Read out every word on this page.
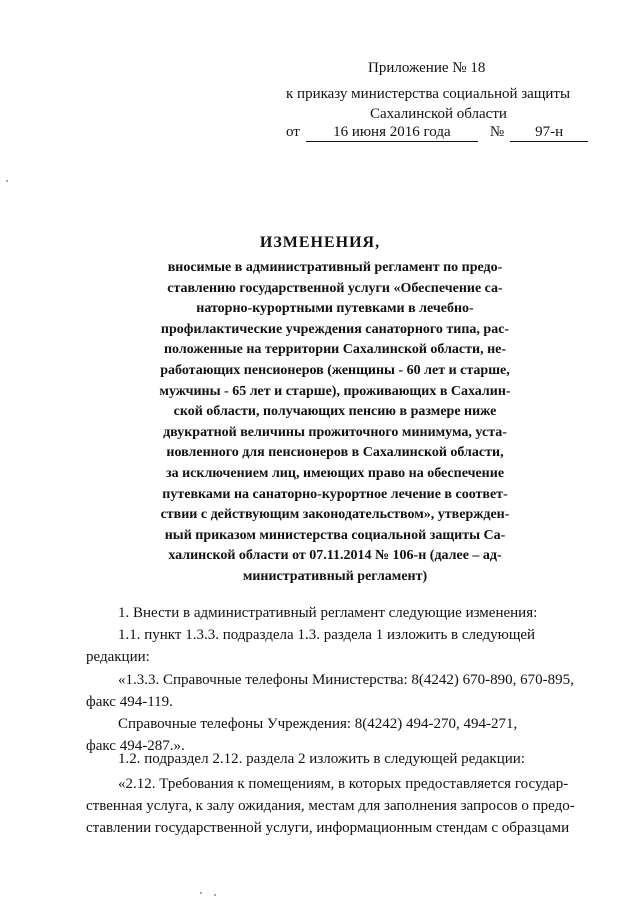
Приложение № 18
к приказу министерства социальной защиты
Сахалинской области
от 16 июня 2016 года	№ 97-н
ИЗМЕНЕНИЯ,
вносимые в административный регламент по предо-
ставлению государственной услуги «Обеспечение са-
наторно-курортными путевками в лечебно-
профилактические учреждения санаторного типа, рас-
положенные на территории Сахалинской области, не-
работающих пенсионеров (женщины - 60 лет и старше,
мужчины - 65 лет и старше), проживающих в Сахалин-
ской области, получающих пенсию в размере ниже
двукратной величины прожиточного минимума, уста-
новленного для пенсионеров в Сахалинской области,
за исключением лиц, имеющих право на обеспечение
путевками на санаторно-курортное лечение в соответ-
ствии с действующим законодательством», утвержден-
ный приказом министерства социальной защиты Са-
халинской области от 07.11.2014 № 106-н (далее – ад-
министративный регламент)
1. Внести в административный регламент следующие изменения:
1.1. пункт 1.3.3. подраздела 1.3. раздела 1 изложить в следующей
редакции:
«1.3.3. Справочные телефоны Министерства: 8(4242) 670-890, 670-895,
факс 494-119.
Справочные телефоны Учреждения: 8(4242) 494-270, 494-271,
факс 494-287.».
1.2. подраздел 2.12. раздела 2 изложить в следующей редакции:
«2.12. Требования к помещениям, в которых предоставляется государ-
ственная услуга, к залу ожидания, местам для заполнения запросов о предо-
ставлении государственной услуги, информационным стендам с образцами
